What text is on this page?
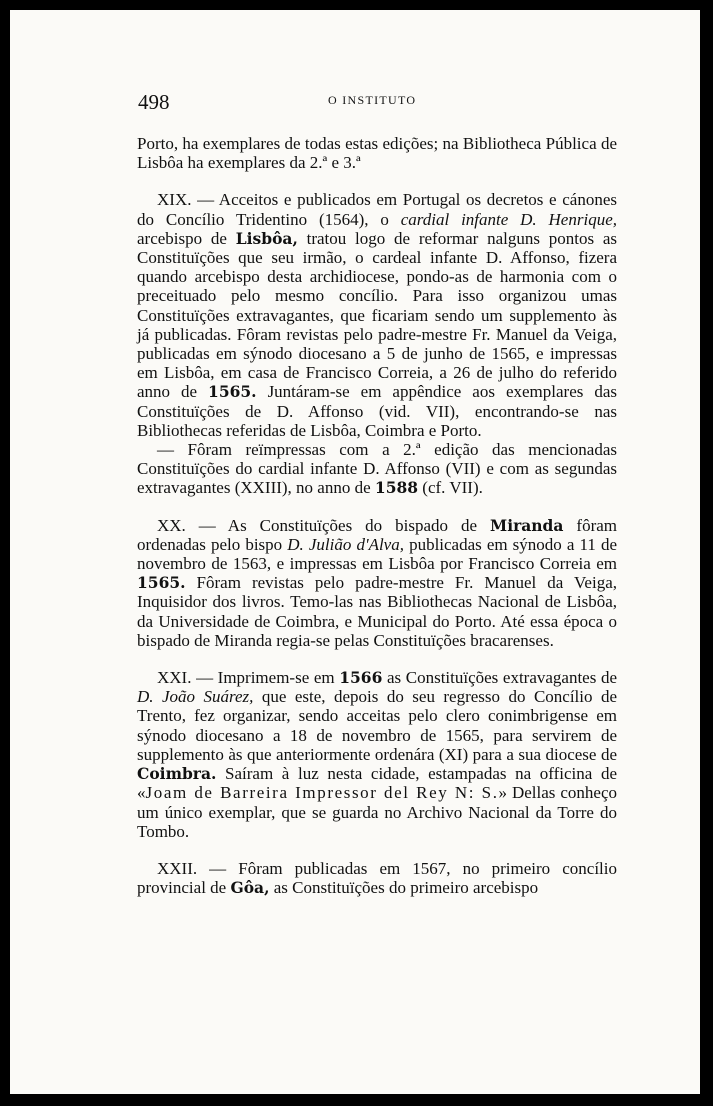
498	O INSTITUTO

Porto, ha exemplares de todas estas edições; na Bibliotheca Pública de Lisbôa ha exemplares da 2.ª e 3.ª

XIX. — Acceitos e publicados em Portugal os decretos e cánones do Concílio Tridentino (1564), o cardial infante D. Henrique, arcebispo de Lisbôa, tratou logo de reformar nalguns pontos as Constituïções que seu irmão, o cardeal infante D. Affonso, fizera quando arcebispo desta archidiocese, pondo-as de harmonia com o preceituado pelo mesmo concílio. Para isso organizou umas Constituïções extravagantes, que ficariam sendo um supplemento às já publicadas. Fôram revistas pelo padre-mestre Fr. Manuel da Veiga, publicadas em sýnodo diocesano a 5 de junho de 1565, e impressas em Lisbôa, em casa de Francisco Correia, a 26 de julho do referido anno de 1565. Juntáram-se em appêndice aos exemplares das Constituïções de D. Affonso (vid. VII), encontrando-se nas Bibliothecas referidas de Lisbôa, Coimbra e Porto.

— Fôram reïmpressas com a 2.ª edição das mencionadas Constituïções do cardial infante D. Affonso (VII) e com as segundas extravagantes (XXIII), no anno de 1588 (cf. VII).

XX. — As Constituïções do bispado de Miranda fôram ordenadas pelo bispo D. Julião d'Alva, publicadas em sýnodo a 11 de novembro de 1563, e impressas em Lisbôa por Francisco Correia em 1565. Fôram revistas pelo padre-mestre Fr. Manuel da Veiga, Inquisidor dos livros. Temo-las nas Bibliothecas Nacional de Lisbôa, da Universidade de Coimbra, e Municipal do Porto. Até essa época o bispado de Miranda regia-se pelas Constituïções bracarenses.

XXI. — Imprimem-se em 1566 as Constituïções extravagantes de D. João Suárez, que este, depois do seu regresso do Concílio de Trento, fez organizar, sendo acceitas pelo clero conimbrigense em sýnodo diocesano a 18 de novembro de 1565, para servirem de supplemento às que anteriormente ordenára (XI) para a sua diocese de Coimbra. Saíram à luz nesta cidade, estampadas na officina de «Joam de Barreira Impressor del Rey N: S.» Dellas conheço um único exemplar, que se guarda no Archivo Nacional da Torre do Tombo.

XXII. — Fôram publicadas em 1567, no primeiro concílio provincial de Gôa, as Constituïções do primeiro arcebispo
